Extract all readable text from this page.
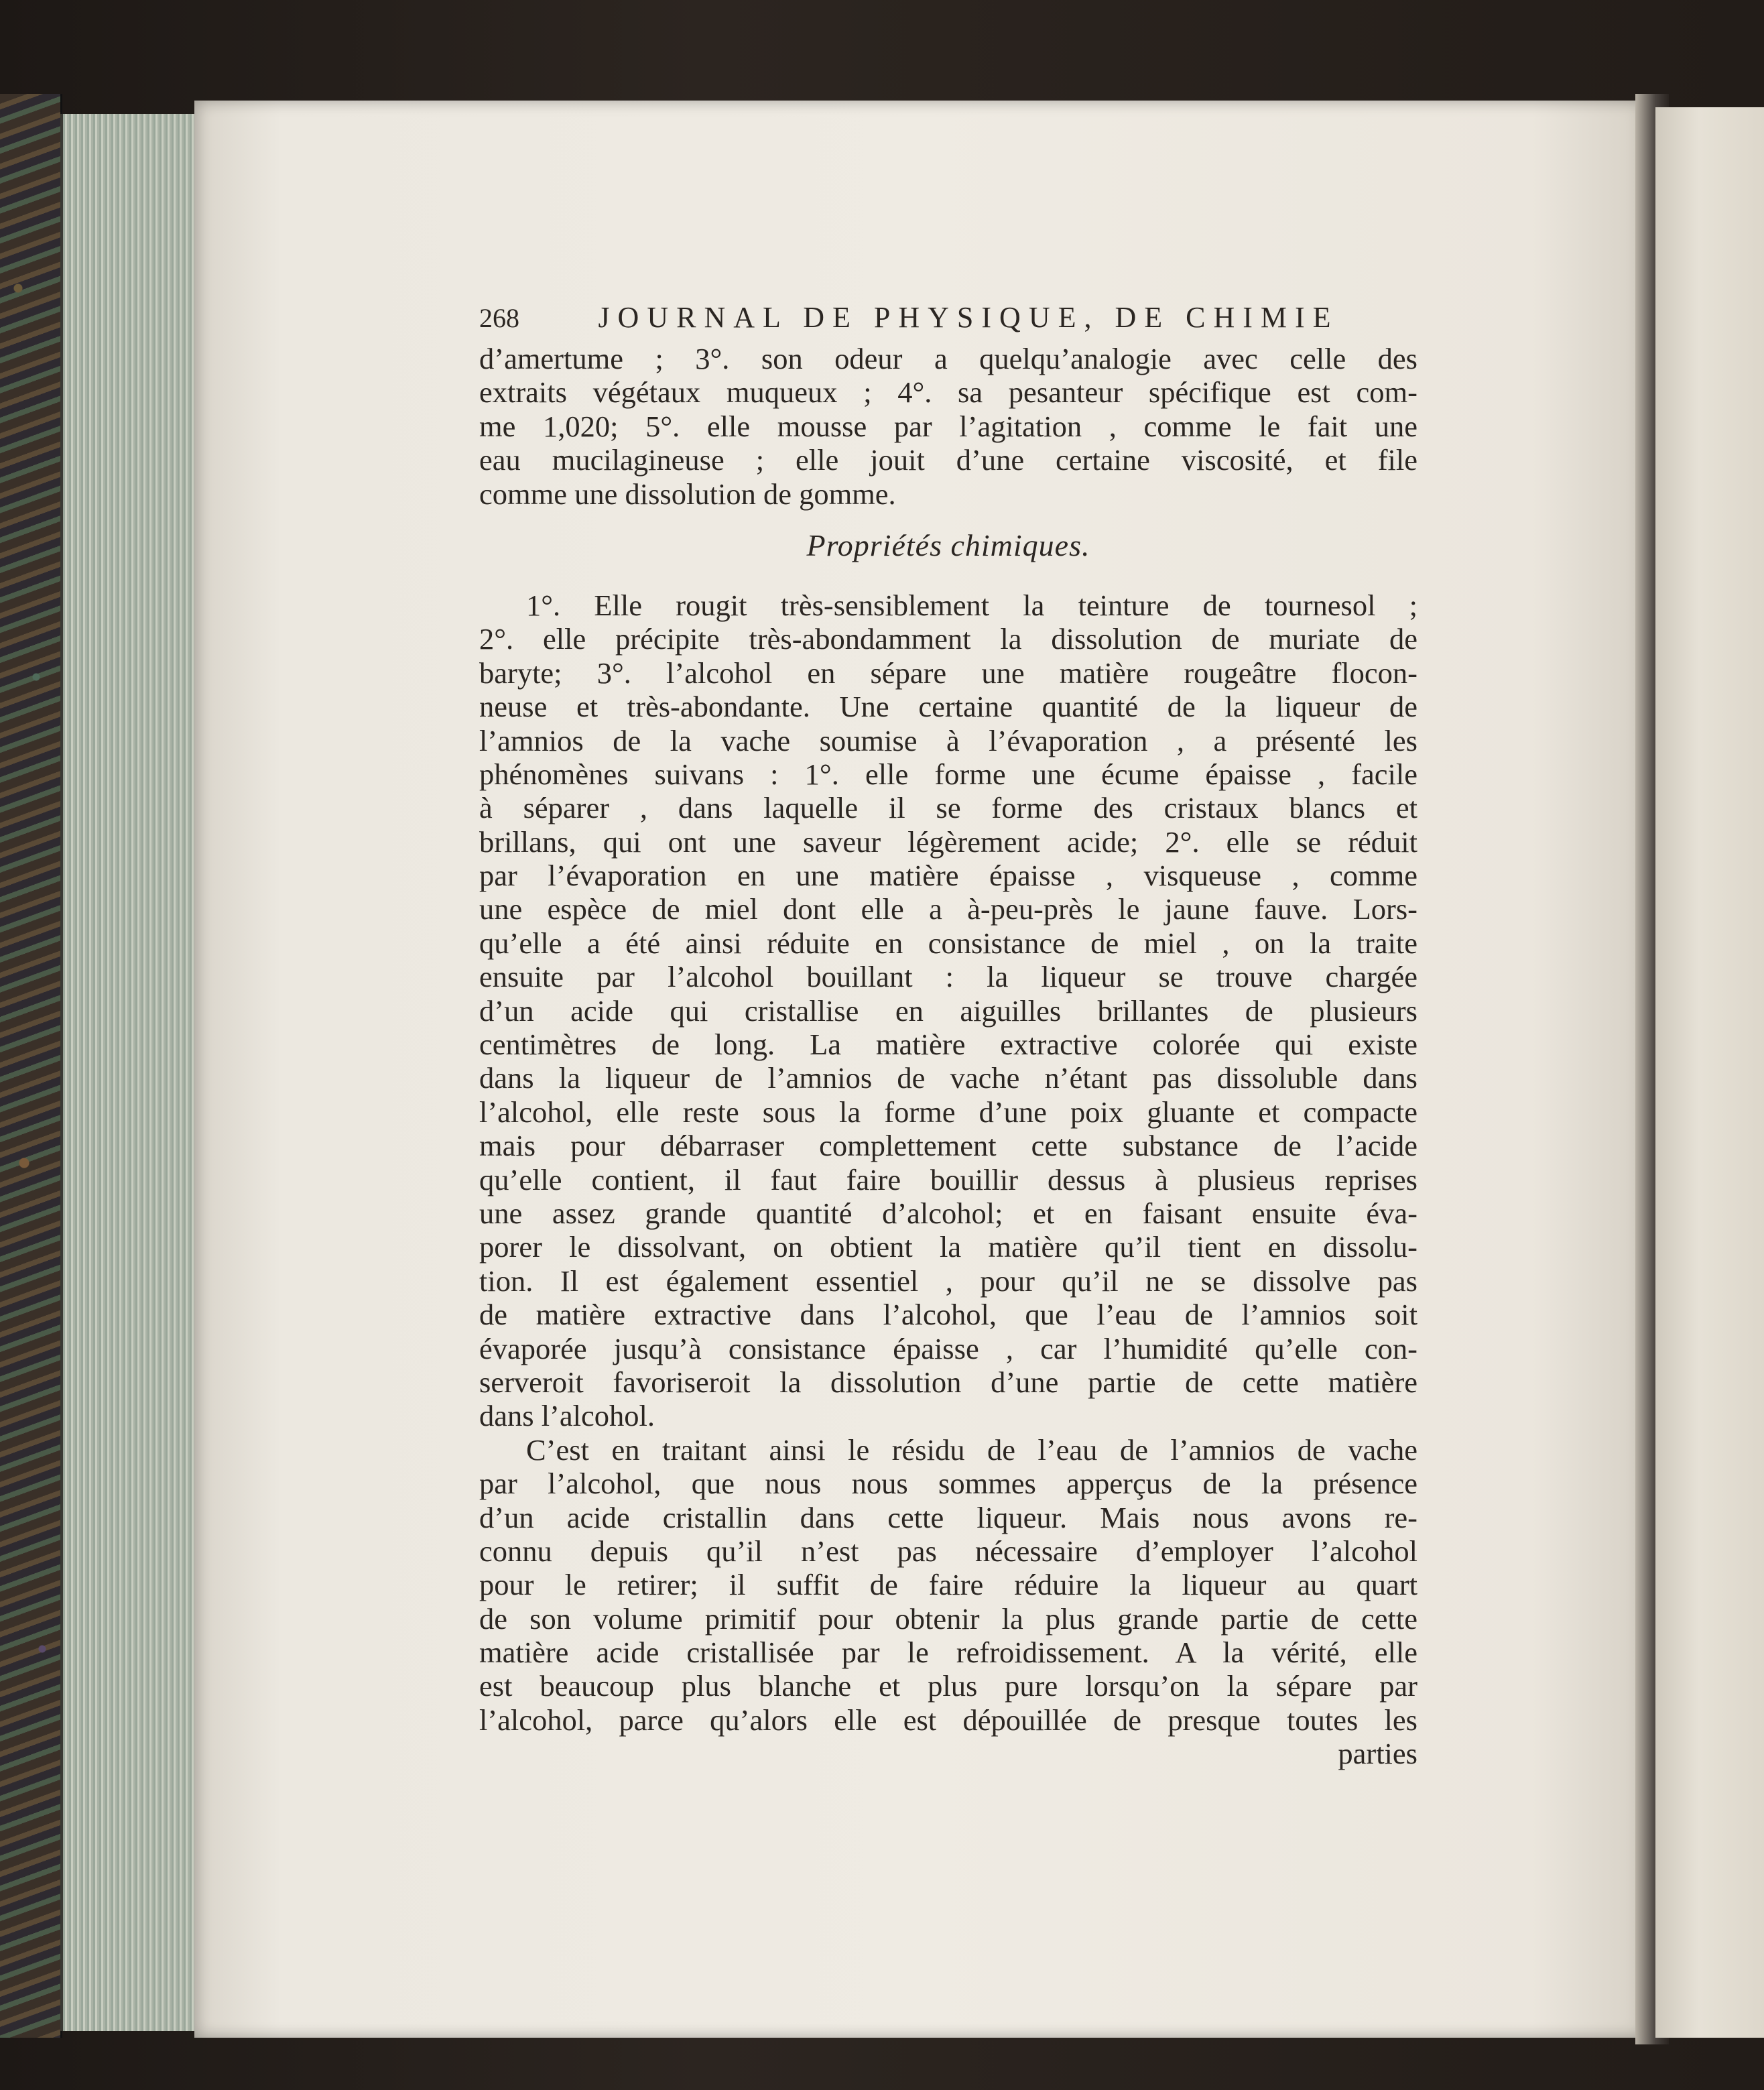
268	JOURNAL DE PHYSIQUE, DE CHIMIE
d’amertume ; 3°. son odeur a quelqu’analogie avec celle des
extraits végétaux muqueux ; 4°. sa pesanteur spécifique est com-
me 1,020; 5°. elle mousse par l’agitation , comme le fait une
eau mucilagineuse ; elle jouit d’une certaine viscosité, et file
comme une dissolution de gomme.
Propriétés chimiques.
1°. Elle rougit très-sensiblement la teinture de tournesol ;
2°. elle précipite très-abondamment la dissolution de muriate de
baryte; 3°. l’alcohol en sépare une matière rougeâtre flocon-
neuse et très-abondante. Une certaine quantité de la liqueur de
l’amnios de la vache soumise à l’évaporation , a présenté les
phénomènes suivans : 1°. elle forme une écume épaisse , facile
à séparer , dans laquelle il se forme des cristaux blancs et
brillans, qui ont une saveur légèrement acide; 2°. elle se réduit
par l’évaporation en une matière épaisse , visqueuse , comme
une espèce de miel dont elle a à-peu-près le jaune fauve. Lors-
qu’elle a été ainsi réduite en consistance de miel , on la traite
ensuite par l’alcohol bouillant : la liqueur se trouve chargée
d’un acide qui cristallise en aiguilles brillantes de plusieurs
centimètres de long. La matière extractive colorée qui existe
dans la liqueur de l’amnios de vache n’étant pas dissoluble dans
l’alcohol, elle reste sous la forme d’une poix gluante et compacte
mais pour débarraser complettement cette substance de l’acide
qu’elle contient, il faut faire bouillir dessus à plusieus reprises
une assez grande quantité d’alcohol; et en faisant ensuite éva-
porer le dissolvant, on obtient la matière qu’il tient en dissolu-
tion. Il est également essentiel , pour qu’il ne se dissolve pas
de matière extractive dans l’alcohol, que l’eau de l’amnios soit
évaporée jusqu’à consistance épaisse , car l’humidité qu’elle con-
serveroit favoriseroit la dissolution d’une partie de cette matière
dans l’alcohol.
C’est en traitant ainsi le résidu de l’eau de l’amnios de vache
par l’alcohol, que nous nous sommes apperçus de la présence
d’un acide cristallin dans cette liqueur. Mais nous avons re-
connu depuis qu’il n’est pas nécessaire d’employer l’alcohol
pour le retirer; il suffit de faire réduire la liqueur au quart
de son volume primitif pour obtenir la plus grande partie de cette
matière acide cristallisée par le refroidissement. A la vérité, elle
est beaucoup plus blanche et plus pure lorsqu’on la sépare par
l’alcohol, parce qu’alors elle est dépouillée de presque toutes les
parties
